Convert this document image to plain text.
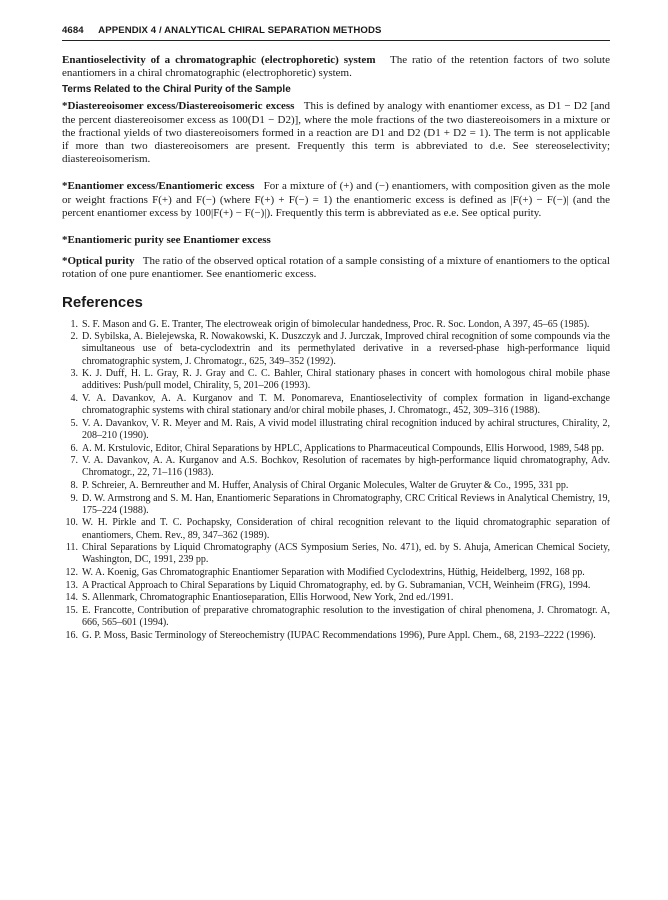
4684 APPENDIX 4 / ANALYTICAL CHIRAL SEPARATION METHODS

Enantioselectivity of a chromatographic (electrophoretic) system The ratio of the retention factors of two solute enantiomers in a chiral chromatographic (electrophoretic) system.

Terms Related to the Chiral Purity of the Sample

*Diastereoisomer excess/Diastereoisomeric excess This is defined by analogy with enantiomer excess, as D1 − D2 [and the percent diastereoisomer excess as 100(D1 − D2)], where the mole fractions of the two diastereoisomers in a mixture or the fractional yields of two diastereoisomers formed in a reaction are D1 and D2 (D1 + D2 = 1). The term is not applicable if more than two diastereoisomers are present. Frequently this term is abbreviated to d.e. See stereoselectivity; diastereoisomerism.

*Enantiomer excess/Enantiomeric excess For a mixture of (+) and (−) enantiomers, with composition given as the mole or weight fractions F(+) and F(−) (where F(+) + F(−) = 1) the enantiomeric excess is defined as |F(+) − F(−)| (and the percent enantiomer excess by 100|F(+) − F(−)|). Frequently this term is abbreviated as e.e. See optical purity.

*Enantiomeric purity see Enantiomer excess

*Optical purity The ratio of the observed optical rotation of a sample consisting of a mixture of enantiomers to the optical rotation of one pure enantiomer. See enantiomeric excess.

References
1. S. F. Mason and G. E. Tranter, The electroweak origin of bimolecular handedness, Proc. R. Soc. London, A 397, 45–65 (1985).
2. D. Sybilska, A. Bielejewska, R. Nowakowski, K. Duszczyk and J. Jurczak, Improved chiral recognition of some compounds via the simultaneous use of beta-cyclodextrin and its permethylated derivative in a reversed-phase high-performance liquid chromatographic system, J. Chromatogr., 625, 349–352 (1992).
3. K. J. Duff, H. L. Gray, R. J. Gray and C. C. Bahler, Chiral stationary phases in concert with homologous chiral mobile phase additives: Push/pull model, Chirality, 5, 201–206 (1993).
4. V. A. Davankov, A. A. Kurganov and T. M. Ponomareva, Enantioselectivity of complex formation in ligand-exchange chromatographic systems with chiral stationary and/or chiral mobile phases, J. Chromatogr., 452, 309–316 (1988).
5. V. A. Davankov, V. R. Meyer and M. Rais, A vivid model illustrating chiral recognition induced by achiral structures, Chirality, 2, 208–210 (1990).
6. A. M. Krstulovic, Editor, Chiral Separations by HPLC, Applications to Pharmaceutical Compounds, Ellis Horwood, 1989, 548 pp.
7. V. A. Davankov, A. A. Kurganov and A.S. Bochkov, Resolution of racemates by high-performance liquid chromatography, Adv. Chromatogr., 22, 71–116 (1983).
8. P. Schreier, A. Bernreuther and M. Huffer, Analysis of Chiral Organic Molecules, Walter de Gruyter & Co., 1995, 331 pp.
9. D. W. Armstrong and S. M. Han, Enantiomeric Separations in Chromatography, CRC Critical Reviews in Analytical Chemistry, 19, 175–224 (1988).
10. W. H. Pirkle and T. C. Pochapsky, Consideration of chiral recognition relevant to the liquid chromatographic separation of enantiomers, Chem. Rev., 89, 347–362 (1989).
11. Chiral Separations by Liquid Chromatography (ACS Symposium Series, No. 471), ed. by S. Ahuja, American Chemical Society, Washington, DC, 1991, 239 pp.
12. W. A. Koenig, Gas Chromatographic Enantiomer Separation with Modified Cyclodextrins, Hüthig, Heidelberg, 1992, 168 pp.
13. A Practical Approach to Chiral Separations by Liquid Chromatography, ed. by G. Subramanian, VCH, Weinheim (FRG), 1994.
14. S. Allenmark, Chromatographic Enantioseparation, Ellis Horwood, New York, 2nd ed./1991.
15. E. Francotte, Contribution of preparative chromatographic resolution to the investigation of chiral phenomena, J. Chromatogr. A, 666, 565–601 (1994).
16. G. P. Moss, Basic Terminology of Stereochemistry (IUPAC Recommendations 1996), Pure Appl. Chem., 68, 2193–2222 (1996).
